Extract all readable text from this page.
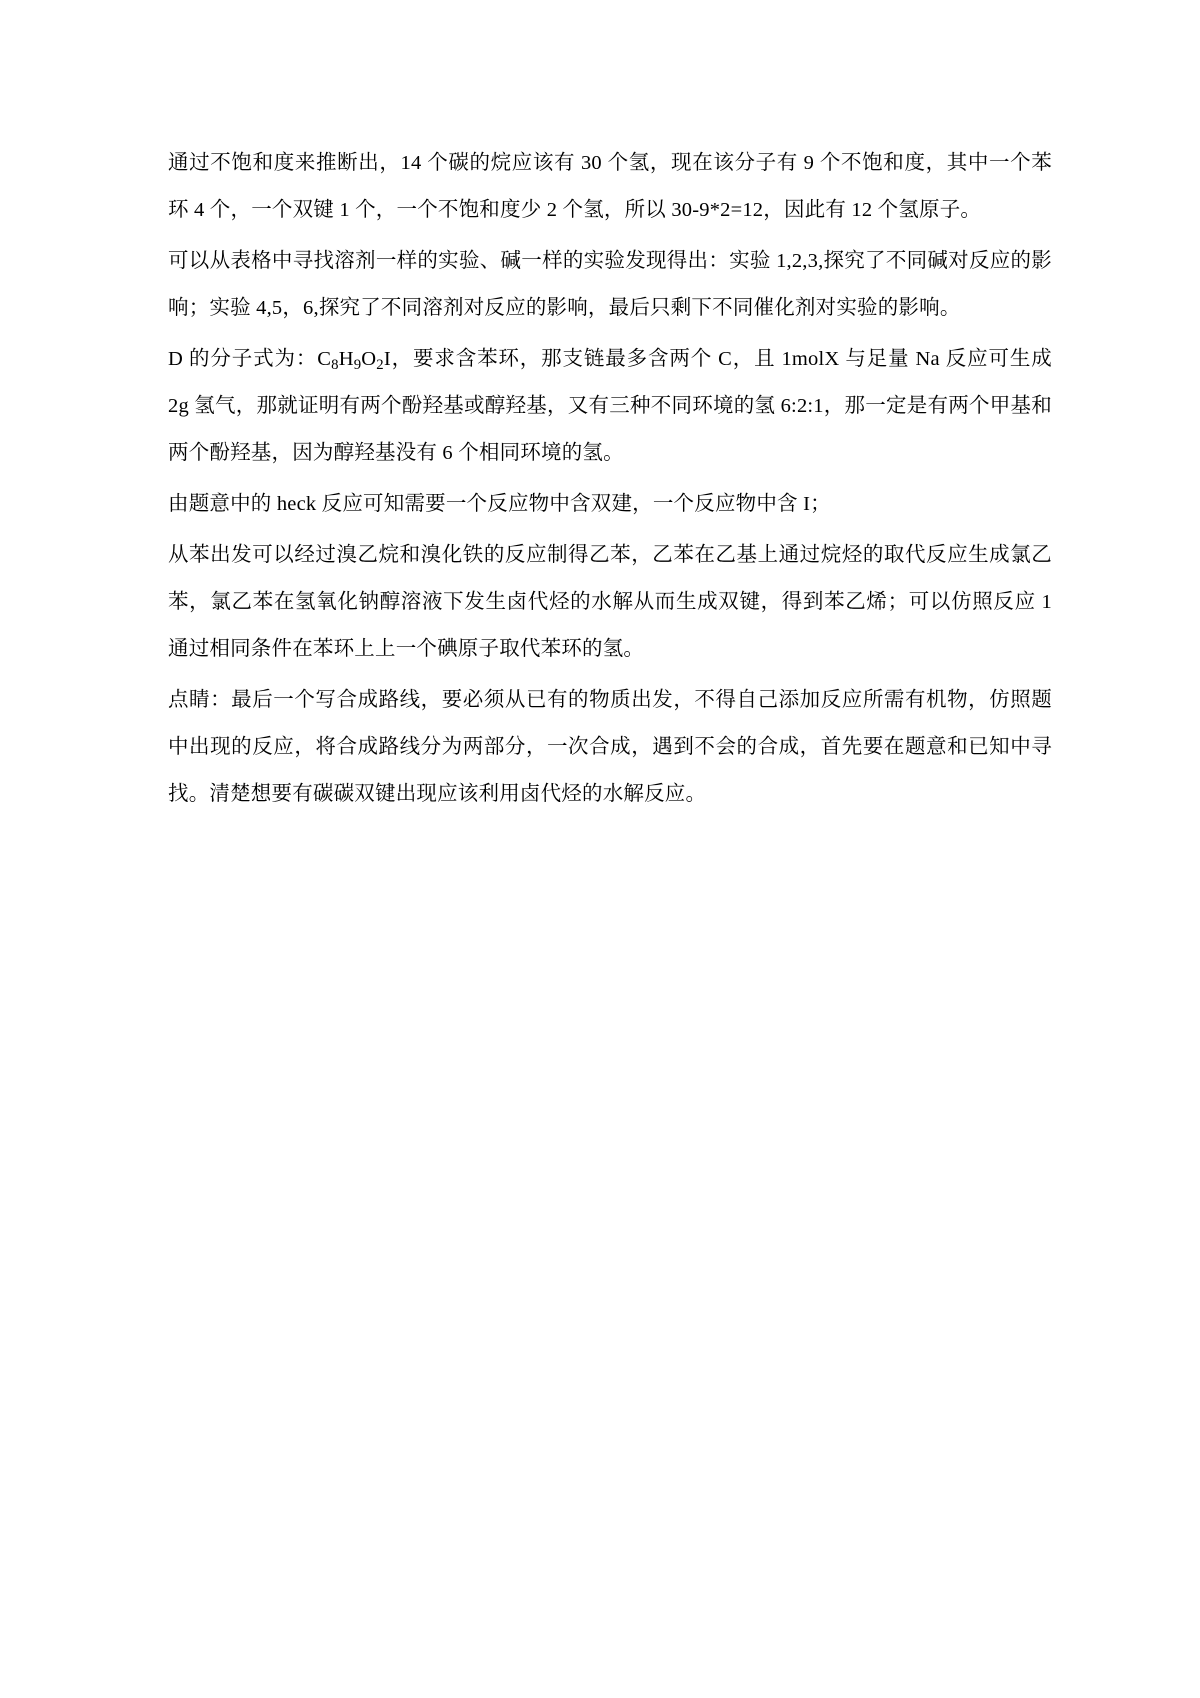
通过不饱和度来推断出，14 个碳的烷应该有 30 个氢，现在该分子有 9 个不饱和度，其中一个苯环 4 个，一个双键 1 个，一个不饱和度少 2 个氢，所以 30-9*2=12，因此有 12 个氢原子。

可以从表格中寻找溶剂一样的实验、碱一样的实验发现得出：实验 1,2,3,探究了不同碱对反应的影响；实验 4,5，6,探究了不同溶剂对反应的影响，最后只剩下不同催化剂对实验的影响。

D 的分子式为：$C_8H_9O_2I$，要求含苯环，那支链最多含两个 C，且 1molX 与足量 Na 反应可生成 2g 氢气，那就证明有两个酚羟基或醇羟基，又有三种不同环境的氢 6:2:1，那一定是有两个甲基和两个酚羟基，因为醇羟基没有 6 个相同环境的氢。

由题意中的 heck 反应可知需要一个反应物中含双建，一个反应物中含 I；

从苯出发可以经过溴乙烷和溴化铁的反应制得乙苯，乙苯在乙基上通过烷烃的取代反应生成氯乙苯，氯乙苯在氢氧化钠醇溶液下发生卤代烃的水解从而生成双键，得到苯乙烯；可以仿照反应 1 通过相同条件在苯环上上一个碘原子取代苯环的氢。

点睛：最后一个写合成路线，要必须从已有的物质出发，不得自己添加反应所需有机物，仿照题中出现的反应，将合成路线分为两部分，一次合成，遇到不会的合成，首先要在题意和已知中寻找。清楚想要有碳碳双键出现应该利用卤代烃的水解反应。
